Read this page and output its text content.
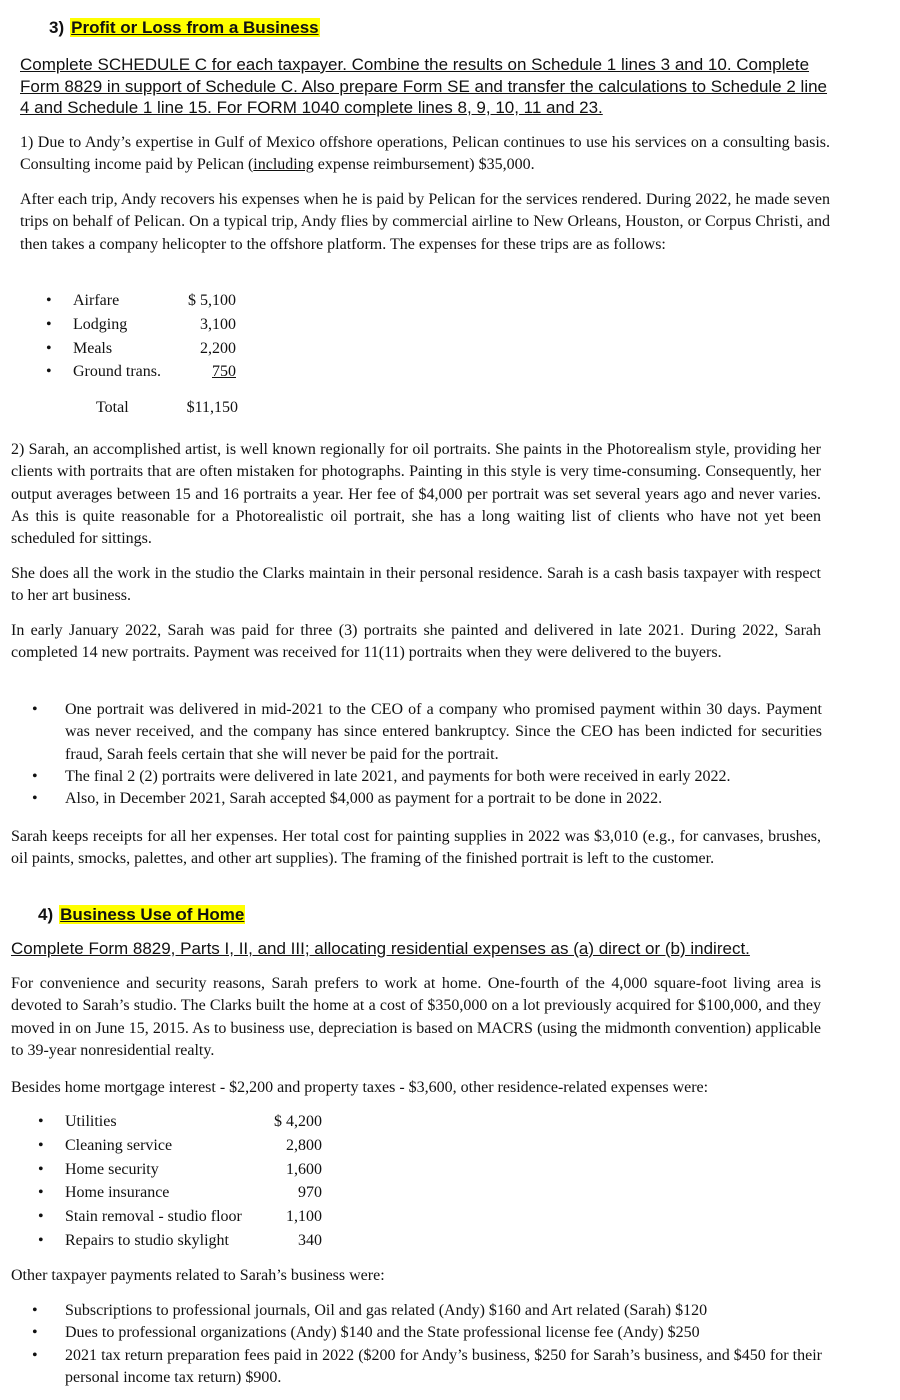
3) Profit or Loss from a Business
Complete SCHEDULE C for each taxpayer. Combine the results on Schedule 1 lines 3 and 10. Complete Form 8829 in support of Schedule C. Also prepare Form SE and transfer the calculations to Schedule 2 line 4 and Schedule 1 line 15. For FORM 1040 complete lines 8, 9, 10, 11 and 23.
1) Due to Andy’s expertise in Gulf of Mexico offshore operations, Pelican continues to use his services on a consulting basis. Consulting income paid by Pelican (including expense reimbursement) $35,000.
After each trip, Andy recovers his expenses when he is paid by Pelican for the services rendered. During 2022, he made seven trips on behalf of Pelican. On a typical trip, Andy flies by commercial airline to New Orleans, Houston, or Corpus Christi, and then takes a company helicopter to the offshore platform. The expenses for these trips are as follows:
• Airfare	$ 5,100
• Lodging	3,100
• Meals	2,200
• Ground trans.	750
Total	$11,150
2) Sarah, an accomplished artist, is well known regionally for oil portraits. She paints in the Photorealism style, providing her clients with portraits that are often mistaken for photographs. Painting in this style is very time-consuming. Consequently, her output averages between 15 and 16 portraits a year. Her fee of $4,000 per portrait was set several years ago and never varies. As this is quite reasonable for a Photorealistic oil portrait, she has a long waiting list of clients who have not yet been scheduled for sittings.
She does all the work in the studio the Clarks maintain in their personal residence. Sarah is a cash basis taxpayer with respect to her art business.
In early January 2022, Sarah was paid for three (3) portraits she painted and delivered in late 2021. During 2022, Sarah completed 14 new portraits. Payment was received for 11(11) portraits when they were delivered to the buyers.
• One portrait was delivered in mid-2021 to the CEO of a company who promised payment within 30 days. Payment was never received, and the company has since entered bankruptcy. Since the CEO has been indicted for securities fraud, Sarah feels certain that she will never be paid for the portrait.
• The final 2 (2) portraits were delivered in late 2021, and payments for both were received in early 2022.
• Also, in December 2021, Sarah accepted $4,000 as payment for a portrait to be done in 2022.
Sarah keeps receipts for all her expenses. Her total cost for painting supplies in 2022 was $3,010 (e.g., for canvases, brushes, oil paints, smocks, palettes, and other art supplies). The framing of the finished portrait is left to the customer.
4) Business Use of Home
Complete Form 8829, Parts I, II, and III; allocating residential expenses as (a) direct or (b) indirect.
For convenience and security reasons, Sarah prefers to work at home. One-fourth of the 4,000 square-foot living area is devoted to Sarah’s studio. The Clarks built the home at a cost of $350,000 on a lot previously acquired for $100,000, and they moved in on June 15, 2015. As to business use, depreciation is based on MACRS (using the midmonth convention) applicable to 39-year nonresidential realty.
Besides home mortgage interest - $2,200 and property taxes - $3,600, other residence-related expenses were:
• Utilities	$ 4,200
• Cleaning service	2,800
• Home security	1,600
• Home insurance	970
• Stain removal - studio floor	1,100
• Repairs to studio skylight	340
Other taxpayer payments related to Sarah’s business were:
• Subscriptions to professional journals, Oil and gas related (Andy) $160 and Art related (Sarah) $120
• Dues to professional organizations (Andy) $140 and the State professional license fee (Andy) $250
• 2021 tax return preparation fees paid in 2022 ($200 for Andy’s business, $250 for Sarah’s business, and $450 for their personal income tax return) $900.
